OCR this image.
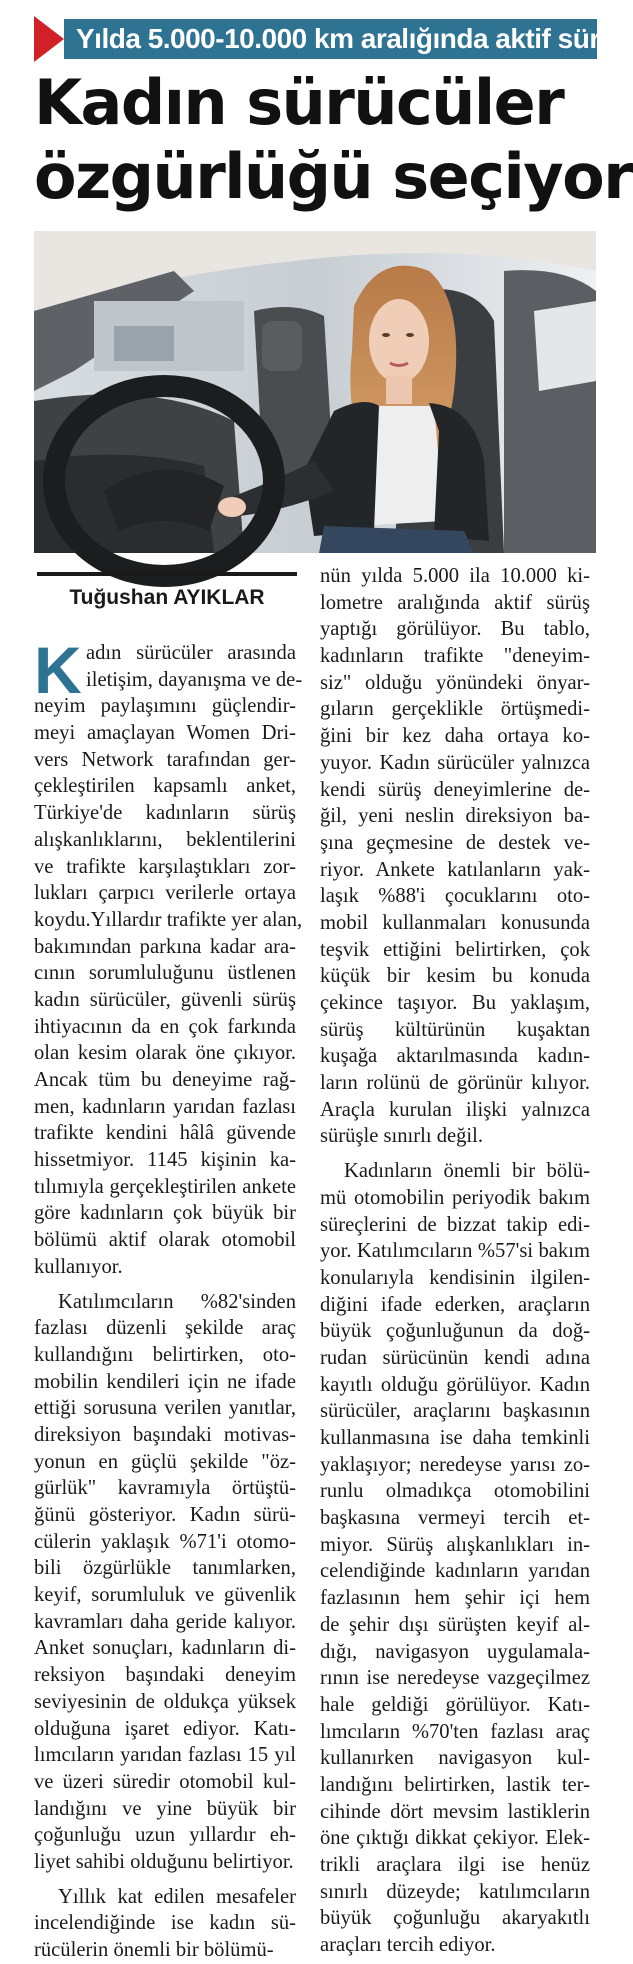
Yılda 5.000-10.000 km aralığında aktif sürüş
Kadın sürücüler
özgürlüğü seçiyor
Tuğushan AYIKLAR
K adın sürücüler arasında
iletişim, dayanışma ve de-
neyim paylaşımını güçlendir-
meyi amaçlayan Women Dri-
vers Network tarafından ger-
çekleştirilen kapsamlı anket,
Türkiye'de kadınların sürüş
alışkanlıklarını, beklentilerini
ve trafikte karşılaştıkları zor-
lukları çarpıcı verilerle ortaya
koydu.Yıllardır trafikte yer alan,
bakımından parkına kadar ara-
cının sorumluluğunu üstlenen
kadın sürücüler, güvenli sürüş
ihtiyacının da en çok farkında
olan kesim olarak öne çıkıyor.
Ancak tüm bu deneyime rağ-
men, kadınların yarıdan fazlası
trafikte kendini hâlâ güvende
hissetmiyor. 1145 kişinin ka-
tılımıyla gerçekleştirilen ankete
göre kadınların çok büyük bir
bölümü aktif olarak otomobil
kullanıyor.
Katılımcıların %82'sinden
fazlası düzenli şekilde araç
kullandığını belirtirken, oto-
mobilin kendileri için ne ifade
ettiği sorusuna verilen yanıtlar,
direksiyon başındaki motivas-
yonun en güçlü şekilde "öz-
gürlük" kavramıyla örtüştü-
ğünü gösteriyor. Kadın sürü-
cülerin yaklaşık %71'i otomo-
bili özgürlükle tanımlarken,
keyif, sorumluluk ve güvenlik
kavramları daha geride kalıyor.
Anket sonuçları, kadınların di-
reksiyon başındaki deneyim
seviyesinin de oldukça yüksek
olduğuna işaret ediyor. Katı-
lımcıların yarıdan fazlası 15 yıl
ve üzeri süredir otomobil kul-
landığını ve yine büyük bir
çoğunluğu uzun yıllardır eh-
liyet sahibi olduğunu belirtiyor.
Yıllık kat edilen mesafeler
incelendiğinde ise kadın sü-
rücülerin önemli bir bölümü-
nün yılda 5.000 ila 10.000 ki-
lometre aralığında aktif sürüş
yaptığı görülüyor. Bu tablo,
kadınların trafikte "deneyim-
siz" olduğu yönündeki önyar-
gıların gerçeklikle örtüşmedi-
ğini bir kez daha ortaya ko-
yuyor. Kadın sürücüler yalnızca
kendi sürüş deneyimlerine de-
ğil, yeni neslin direksiyon ba-
şına geçmesine de destek ve-
riyor. Ankete katılanların yak-
laşık %88'i çocuklarını oto-
mobil kullanmaları konusunda
teşvik ettiğini belirtirken, çok
küçük bir kesim bu konuda
çekince taşıyor. Bu yaklaşım,
sürüş kültürünün kuşaktan
kuşağa aktarılmasında kadın-
ların rolünü de görünür kılıyor.
Araçla kurulan ilişki yalnızca
sürüşle sınırlı değil.
Kadınların önemli bir bölü-
mü otomobilin periyodik bakım
süreçlerini de bizzat takip edi-
yor. Katılımcıların %57'si bakım
konularıyla kendisinin ilgilen-
diğini ifade ederken, araçların
büyük çoğunluğunun da doğ-
rudan sürücünün kendi adına
kayıtlı olduğu görülüyor. Kadın
sürücüler, araçlarını başkasının
kullanmasına ise daha temkinli
yaklaşıyor; neredeyse yarısı zo-
runlu olmadıkça otomobilini
başkasına vermeyi tercih et-
miyor. Sürüş alışkanlıkları in-
celendiğinde kadınların yarıdan
fazlasının hem şehir içi hem
de şehir dışı sürüşten keyif al-
dığı, navigasyon uygulamala-
rının ise neredeyse vazgeçilmez
hale geldiği görülüyor. Katı-
lımcıların %70'ten fazlası araç
kullanırken navigasyon kul-
landığını belirtirken, lastik ter-
cihinde dört mevsim lastiklerin
öne çıktığı dikkat çekiyor. Elek-
trikli araçlara ilgi ise henüz
sınırlı düzeyde; katılımcıların
büyük çoğunluğu akaryakıtlı
araçları tercih ediyor.
